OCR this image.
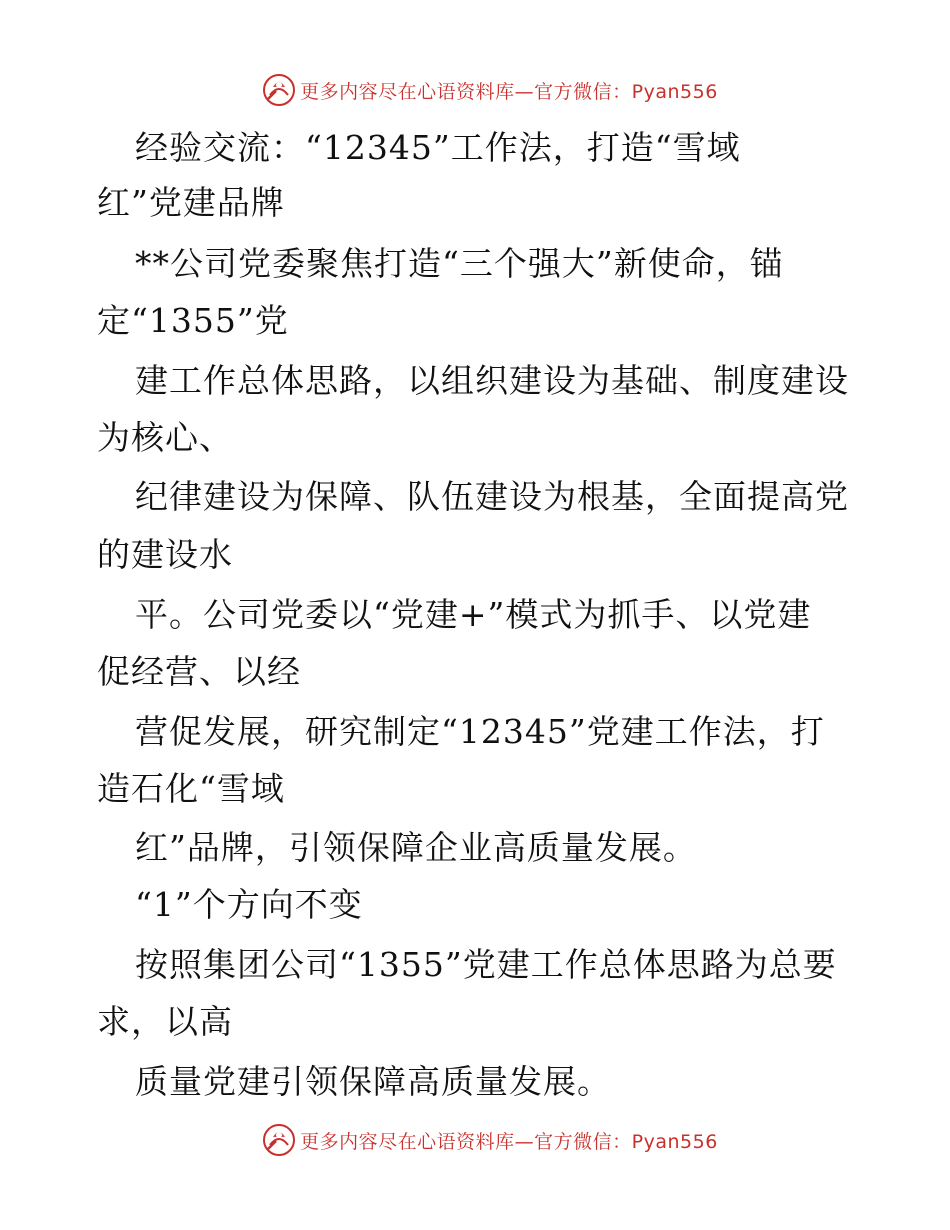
更多内容尽在心语资料库—官方微信：Pyan556
经验交流：“12345”工作法，打造“雪域
红”党建品牌
**公司党委聚焦打造“三个强大”新使命，锚
定“1355”党
建工作总体思路，以组织建设为基础、制度建设
为核心、
纪律建设为保障、队伍建设为根基，全面提高党
的建设水
平。公司党委以“党建+”模式为抓手、以党建
促经营、以经
营促发展，研究制定“12345”党建工作法，打
造石化“雪域
红”品牌，引领保障企业高质量发展。
“1”个方向不变
按照集团公司“1355”党建工作总体思路为总要
求，以高
质量党建引领保障高质量发展。
更多内容尽在心语资料库—官方微信：Pyan556
